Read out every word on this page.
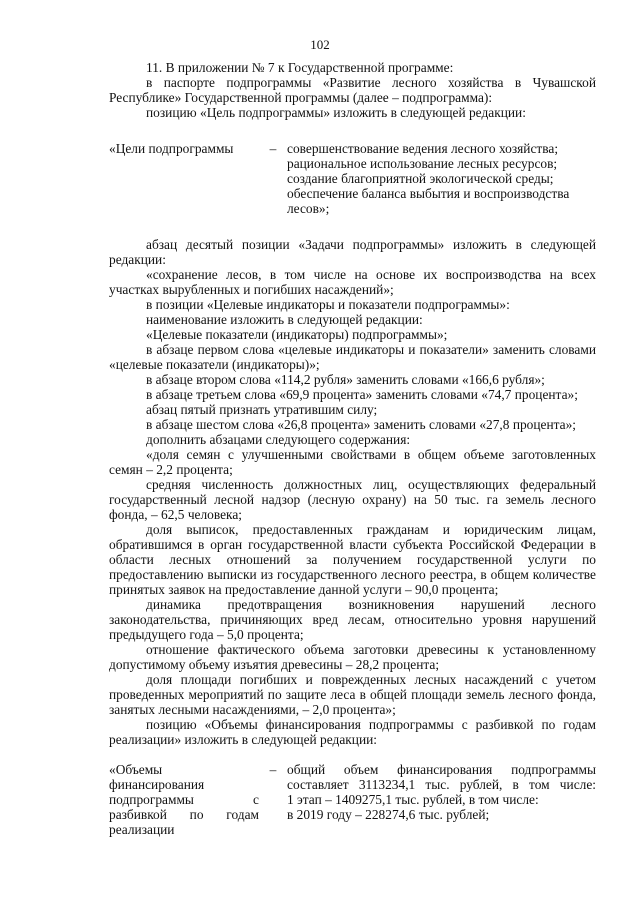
102

11. В приложении № 7 к Государственной программе:

в паспорте подпрограммы «Развитие лесного хозяйства в Чувашской Республике» Государственной программы (далее – подпрограмма):

позицию «Цель подпрограммы» изложить в следующей редакции:

«Цели подпрограммы	– совершенствование ведения лесного хозяйства;
рациональное использование лесных ресурсов;
создание благоприятной экологической среды;
обеспечение баланса выбытия и воспроизводства лесов»;

абзац десятый позиции «Задачи подпрограммы» изложить в следующей редакции:

«сохранение лесов, в том числе на основе их воспроизводства на всех участках вырубленных и погибших насаждений»;

в позиции «Целевые индикаторы и показатели подпрограммы»:

наименование изложить в следующей редакции:

«Целевые показатели (индикаторы) подпрограммы»;

в абзаце первом слова «целевые индикаторы и показатели» заменить словами «целевые показатели (индикаторы)»;

в абзаце втором слова «114,2 рубля» заменить словами «166,6 рубля»;

в абзаце третьем слова «69,9 процента» заменить словами «74,7 процента»;

абзац пятый признать утратившим силу;

в абзаце шестом слова «26,8 процента» заменить словами «27,8 процента»;

дополнить абзацами следующего содержания:

«доля семян с улучшенными свойствами в общем объеме заготовленных семян – 2,2 процента;

средняя численность должностных лиц, осуществляющих федеральный государственный лесной надзор (лесную охрану) на 50 тыс. га земель лесного фонда, – 62,5 человека;

доля выписок, предоставленных гражданам и юридическим лицам, обратившимся в орган государственной власти субъекта Российской Федерации в области лесных отношений за получением государственной услуги по предоставлению выписки из государственного лесного реестра, в общем количестве принятых заявок на предоставление данной услуги – 90,0 процента;

динамика предотвращения возникновения нарушений лесного законодательства, причиняющих вред лесам, относительно уровня нарушений предыдущего года – 5,0 процента;

отношение фактического объема заготовки древесины к установленному допустимому объему изъятия древесины – 28,2 процента;

доля площади погибших и поврежденных лесных насаждений с учетом проведенных мероприятий по защите леса в общей площади земель лесного фонда, занятых лесными насаждениями, – 2,0 процента»;

позицию «Объемы финансирования подпрограммы с разбивкой по годам реализации» изложить в следующей редакции:

«Объемы финансирования подпрограммы с разбивкой по годам реализации
– общий объем финансирования подпрограммы составляет 3113234,1 тыс. рублей, в том числе:
1 этап – 1409275,1 тыс. рублей, в том числе:
в 2019 году – 228274,6 тыс. рублей;
